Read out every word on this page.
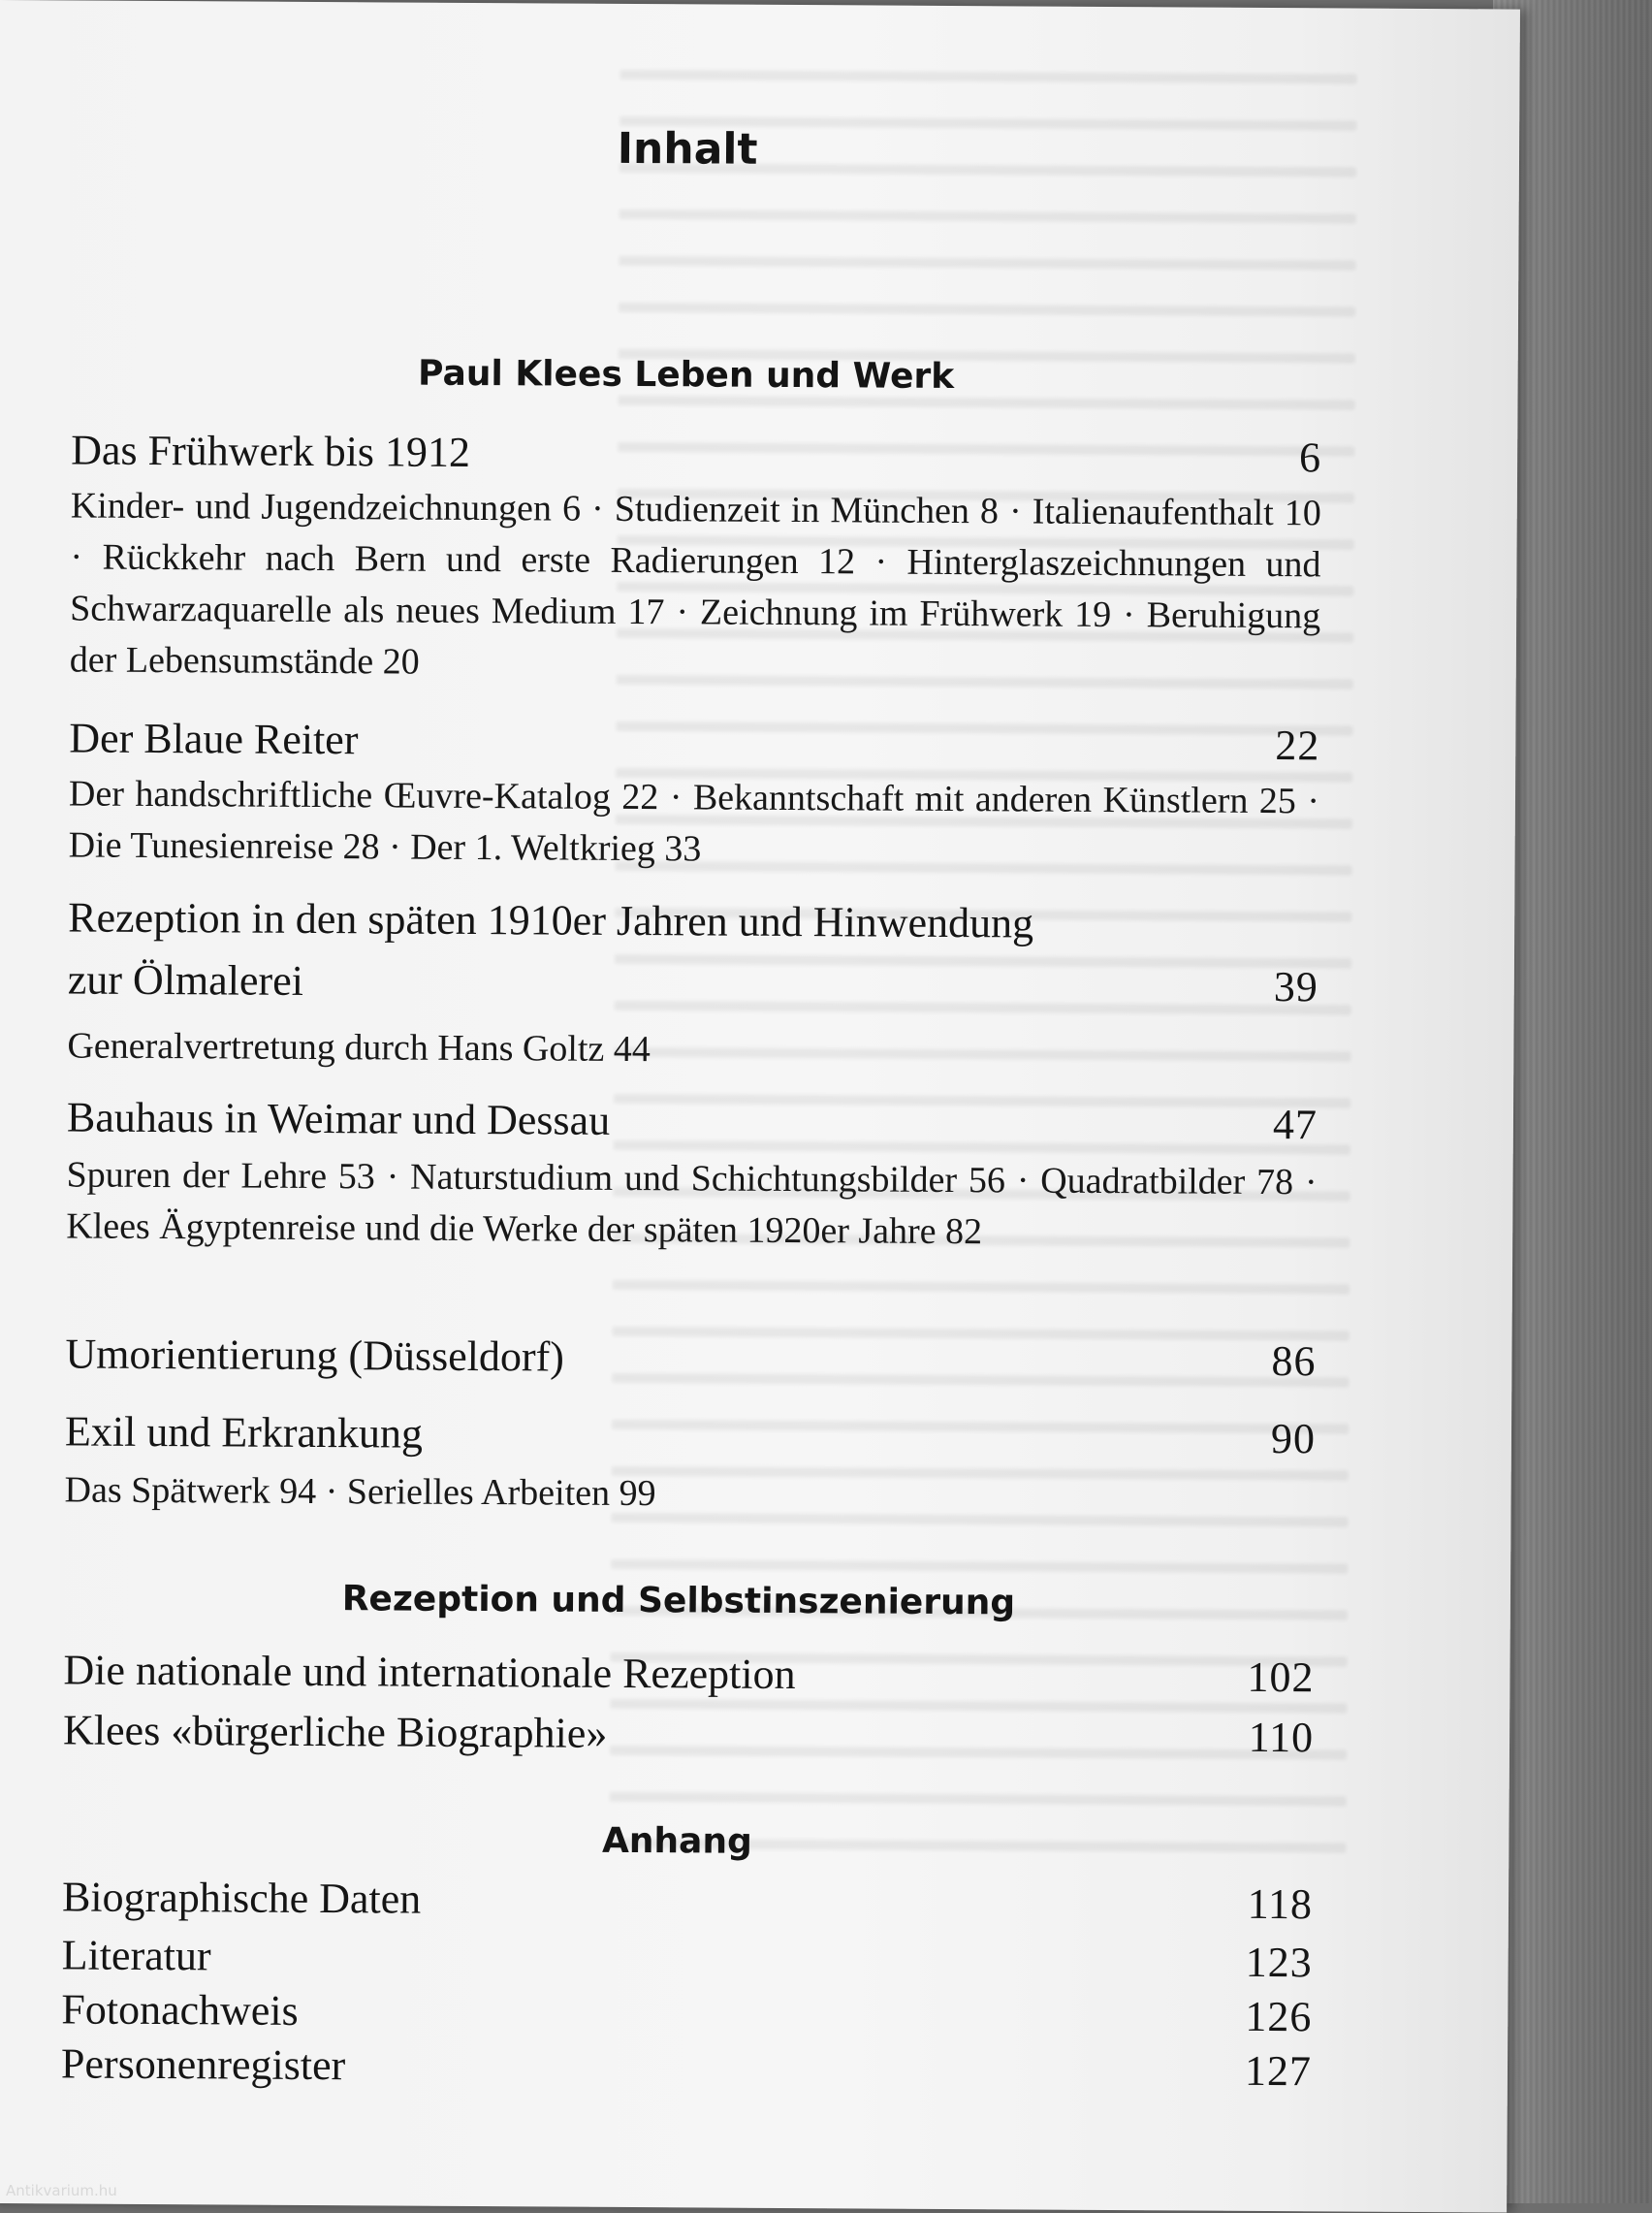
Inhalt
Paul Klees Leben und Werk
Das Frühwerk bis 1912	6
Kinder- und Jugendzeichnungen 6 · Studienzeit in München 8 · Italienaufenthalt 10 · Rückkehr nach Bern und erste Radierungen 12 · Hinterglaszeichnungen und Schwarzaquarelle als neues Medium 17 · Zeichnung im Frühwerk 19 · Beruhigung der Lebensumstände 20
Der Blaue Reiter	22
Der handschriftliche Œuvre-Katalog 22 · Bekanntschaft mit anderen Künstlern 25 · Die Tunesienreise 28 · Der 1. Weltkrieg 33
Rezeption in den späten 1910er Jahren und Hinwendung
zur Ölmalerei	39
Generalvertretung durch Hans Goltz 44
Bauhaus in Weimar und Dessau	47
Spuren der Lehre 53 · Naturstudium und Schichtungsbilder 56 · Quadratbilder 78 · Klees Ägyptenreise und die Werke der späten 1920er Jahre 82
Umorientierung (Düsseldorf)	86
Exil und Erkrankung	90
Das Spätwerk 94 · Serielles Arbeiten 99
Rezeption und Selbstinszenierung
Die nationale und internationale Rezeption	102
Klees «bürgerliche Biographie»	110
Anhang
Biographische Daten	118
Literatur	123
Fotonachweis	126
Personenregister	127
Antikvarium.hu
